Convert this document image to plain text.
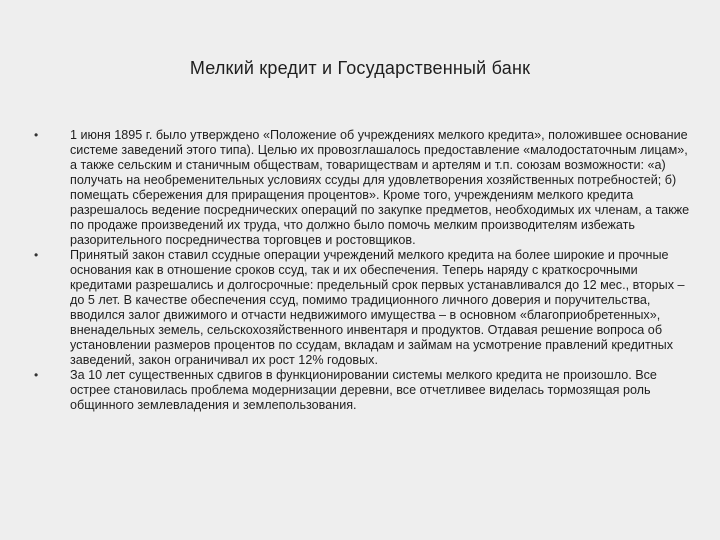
Мелкий кредит и Государственный банк
•	1 июня 1895 г. было утверждено «Положение об учреждениях мелкого кредита», положившее основание системе заведений этого типа). Целью их провозглашалось предоставление «малодостаточным лицам», а также сельским и станичным обществам, товариществам и артелям и т.п. союзам возможности: «а) получать на необременительных условиях ссуды для удовлетворения хозяйственных потребностей; б) помещать сбережения для приращения процентов». Кроме того, учреждениям мелкого кредита разрешалось ведение посреднических операций по закупке предметов, необходимых их членам, а также по продаже произведений их труда, что должно было помочь мелким производителям избежать разорительного посредничества торговцев и ростовщиков.
•	Принятый закон ставил ссудные операции учреждений мелкого кредита на более широкие и прочные основания как в отношение сроков ссуд, так и их обеспечения. Теперь наряду с краткосрочными кредитами разрешались и долгосрочные: предельный срок первых устанавливался до 12 мес., вторых – до 5 лет. В качестве обеспечения ссуд, помимо традиционного личного доверия и поручительства, вводился залог движимого и отчасти недвижимого имущества – в основном «благоприобретенных», вненадельных земель, сельскохозяйственного инвентаря и продуктов. Отдавая решение вопроса об установлении размеров процентов по ссудам, вкладам и займам на усмотрение правлений кредитных заведений, закон ограничивал их рост 12% годовых.
•	За 10 лет существенных сдвигов в функционировании системы мелкого кредита не произошло. Все острее становилась проблема модернизации деревни, все отчетливее виделась тормозящая роль общинного землевладения и землепользования.
